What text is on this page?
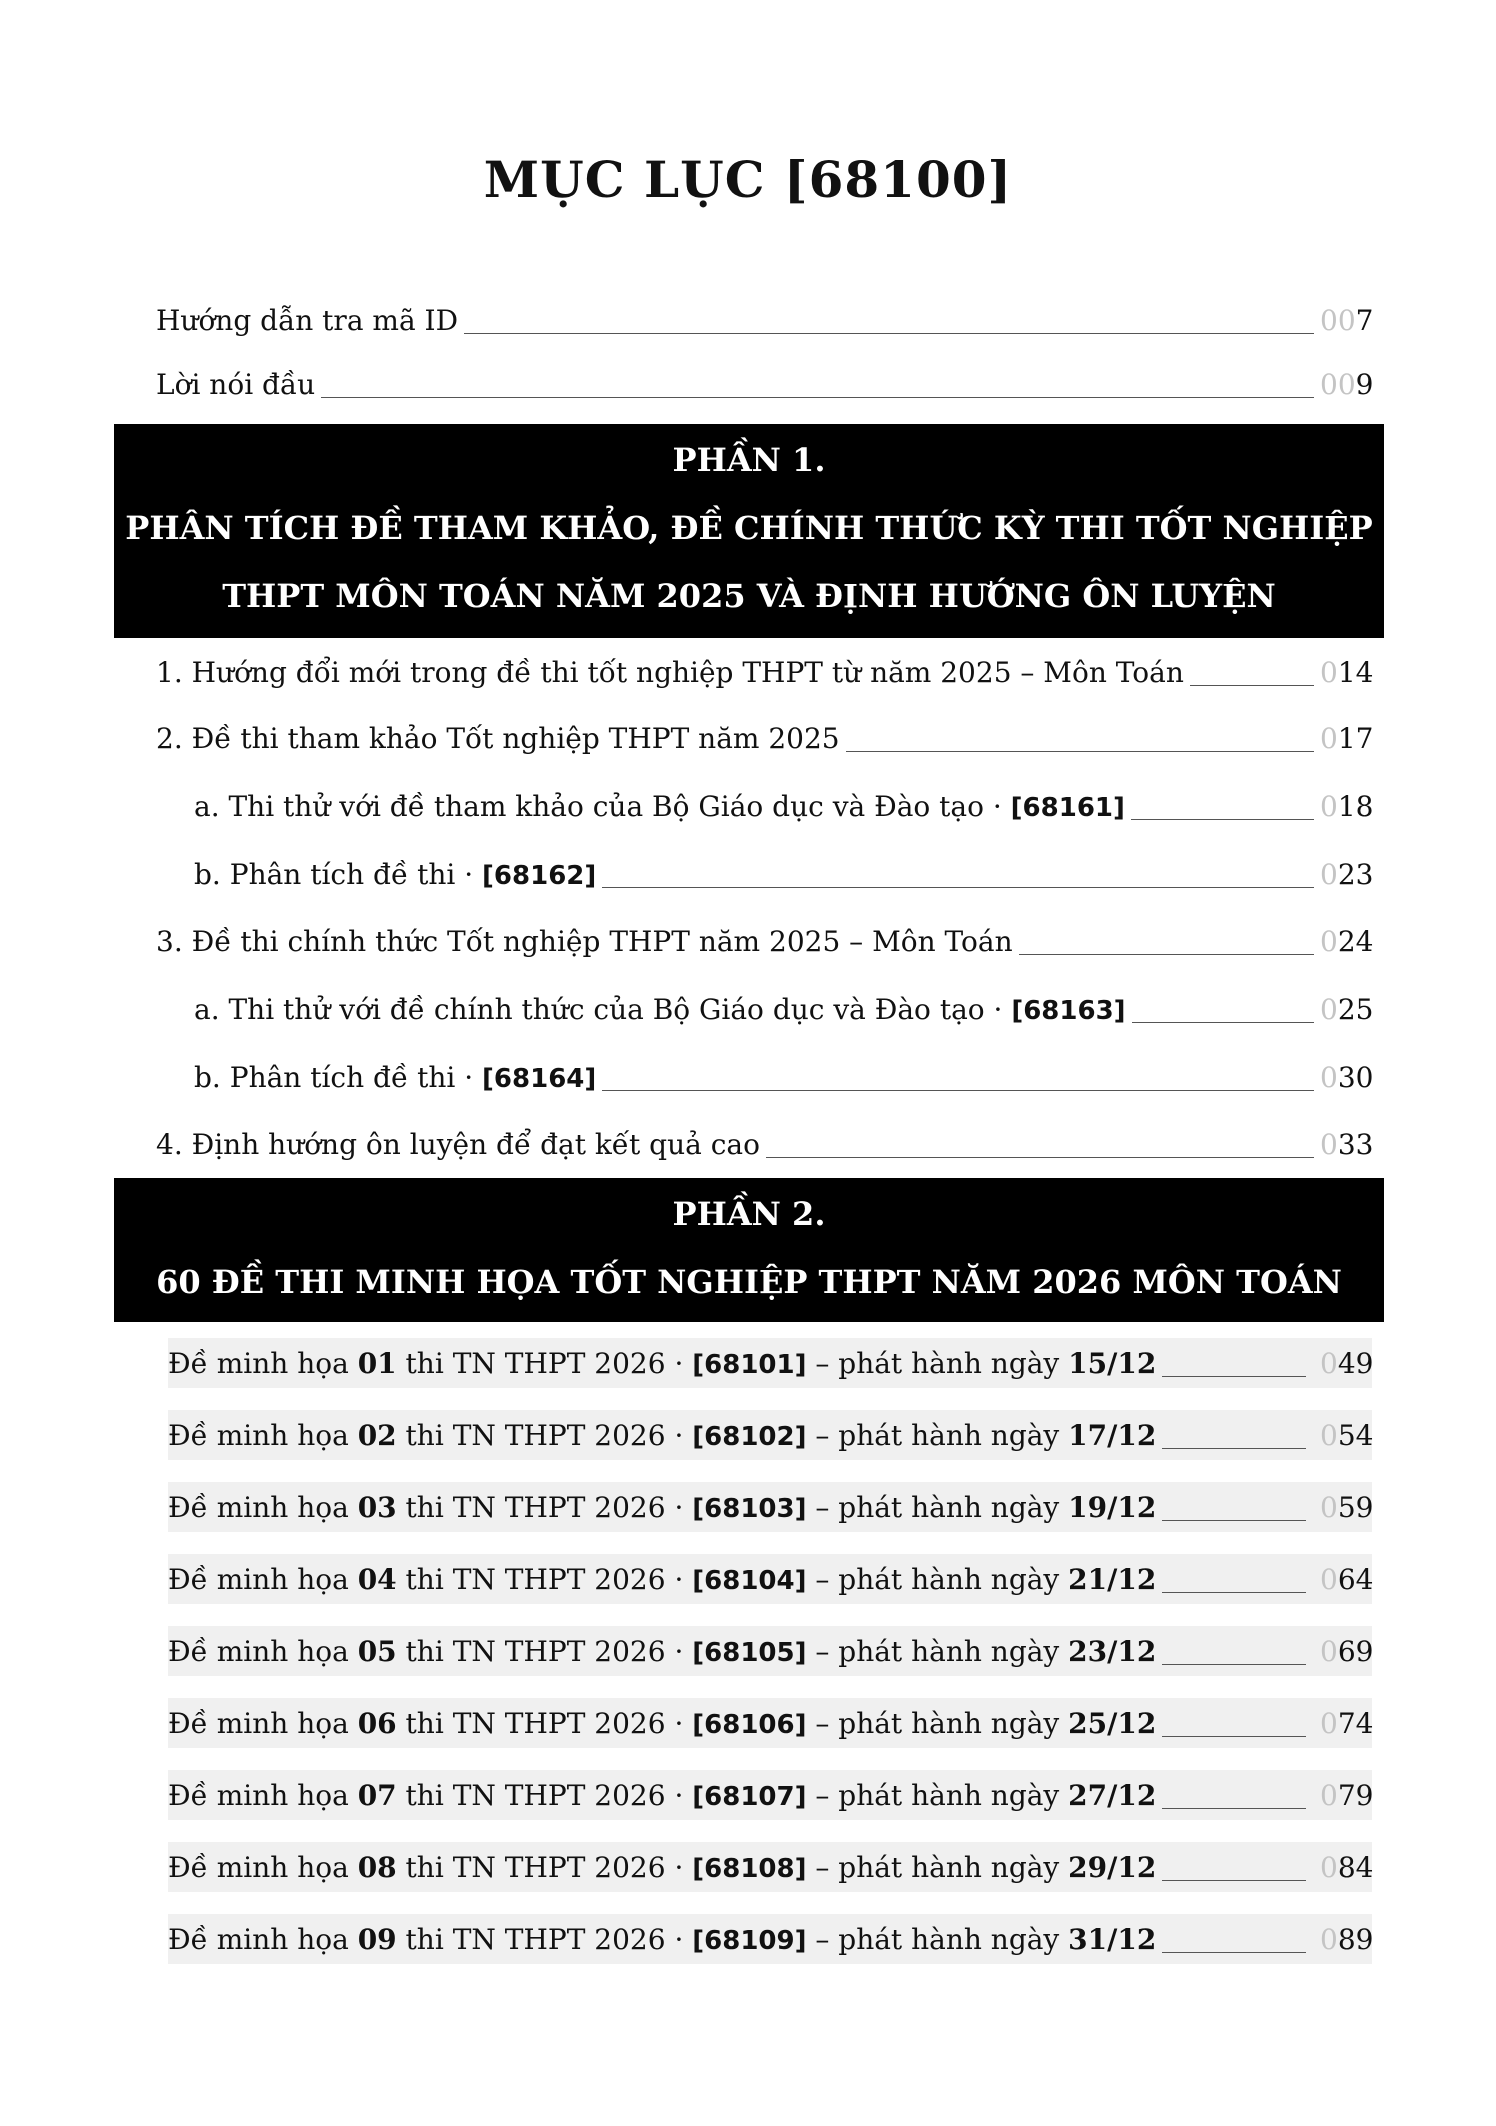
MỤC LỤC [68100]
Hướng dẫn tra mã ID	007
Lời nói đầu	009
PHẦN 1.
PHÂN TÍCH ĐỀ THAM KHẢO, ĐỀ CHÍNH THỨC KỲ THI TỐT NGHIỆP
THPT MÔN TOÁN NĂM 2025 VÀ ĐỊNH HƯỚNG ÔN LUYỆN
1. Hướng đổi mới trong đề thi tốt nghiệp THPT từ năm 2025 – Môn Toán	014
2. Đề thi tham khảo Tốt nghiệp THPT năm 2025	017
a. Thi thử với đề tham khảo của Bộ Giáo dục và Đào tạo · [68161]	018
b. Phân tích đề thi · [68162]	023
3. Đề thi chính thức Tốt nghiệp THPT năm 2025 – Môn Toán	024
a. Thi thử với đề chính thức của Bộ Giáo dục và Đào tạo · [68163]	025
b. Phân tích đề thi · [68164]	030
4. Định hướng ôn luyện để đạt kết quả cao	033
PHẦN 2.
60 ĐỀ THI MINH HỌA TỐT NGHIỆP THPT NĂM 2026 MÔN TOÁN
Đề minh họa 01 thi TN THPT 2026 · [68101] – phát hành ngày 15/12	049
Đề minh họa 02 thi TN THPT 2026 · [68102] – phát hành ngày 17/12	054
Đề minh họa 03 thi TN THPT 2026 · [68103] – phát hành ngày 19/12	059
Đề minh họa 04 thi TN THPT 2026 · [68104] – phát hành ngày 21/12	064
Đề minh họa 05 thi TN THPT 2026 · [68105] – phát hành ngày 23/12	069
Đề minh họa 06 thi TN THPT 2026 · [68106] – phát hành ngày 25/12	074
Đề minh họa 07 thi TN THPT 2026 · [68107] – phát hành ngày 27/12	079
Đề minh họa 08 thi TN THPT 2026 · [68108] – phát hành ngày 29/12	084
Đề minh họa 09 thi TN THPT 2026 · [68109] – phát hành ngày 31/12	089
